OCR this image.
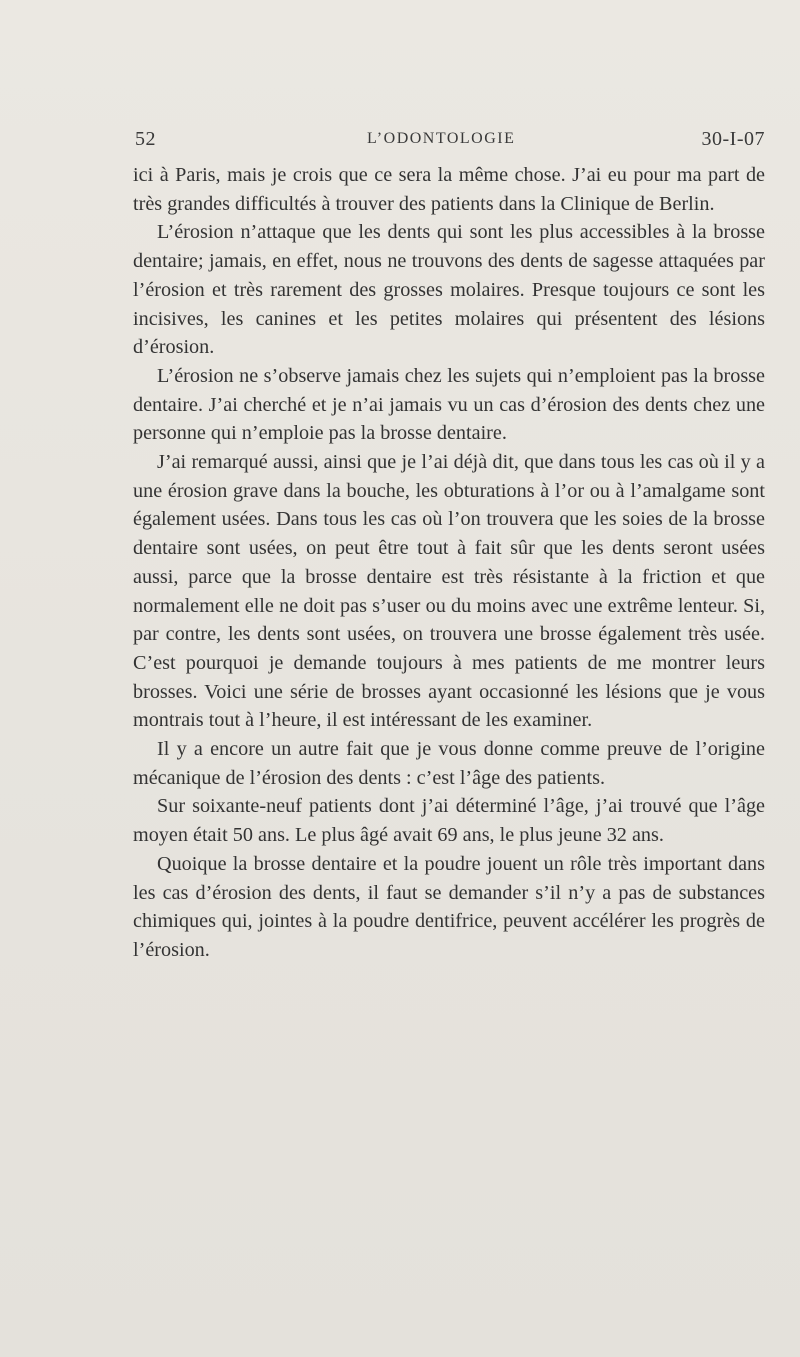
52	L’ODONTOLOGIE	30-I-07

ici à Paris, mais je crois que ce sera la même chose. J’ai eu pour ma part de très grandes difficultés à trouver des patients dans la Clinique de Berlin.

L’érosion n’attaque que les dents qui sont les plus accessibles à la brosse dentaire; jamais, en effet, nous ne trouvons des dents de sagesse attaquées par l’érosion et très rarement des grosses molaires. Presque toujours ce sont les incisives, les canines et les petites molaires qui présentent des lésions d’érosion.

L’érosion ne s’observe jamais chez les sujets qui n’emploient pas la brosse dentaire. J’ai cherché et je n’ai jamais vu un cas d’érosion des dents chez une personne qui n’emploie pas la brosse dentaire.

J’ai remarqué aussi, ainsi que je l’ai déjà dit, que dans tous les cas où il y a une érosion grave dans la bouche, les obturations à l’or ou à l’amalgame sont également usées. Dans tous les cas où l’on trouvera que les soies de la brosse dentaire sont usées, on peut être tout à fait sûr que les dents seront usées aussi, parce que la brosse dentaire est très résistante à la friction et que normalement elle ne doit pas s’user ou du moins avec une extrême lenteur. Si, par contre, les dents sont usées, on trouvera une brosse également très usée. C’est pourquoi je demande toujours à mes patients de me montrer leurs brosses. Voici une série de brosses ayant occasionné les lésions que je vous montrais tout à l’heure, il est intéressant de les examiner.

Il y a encore un autre fait que je vous donne comme preuve de l’origine mécanique de l’érosion des dents : c’est l’âge des patients.

Sur soixante-neuf patients dont j’ai déterminé l’âge, j’ai trouvé que l’âge moyen était 50 ans. Le plus âgé avait 69 ans, le plus jeune 32 ans.

Quoique la brosse dentaire et la poudre jouent un rôle très important dans les cas d’érosion des dents, il faut se demander s’il n’y a pas de substances chimiques qui, jointes à la poudre dentifrice, peuvent accélérer les progrès de l’érosion.
